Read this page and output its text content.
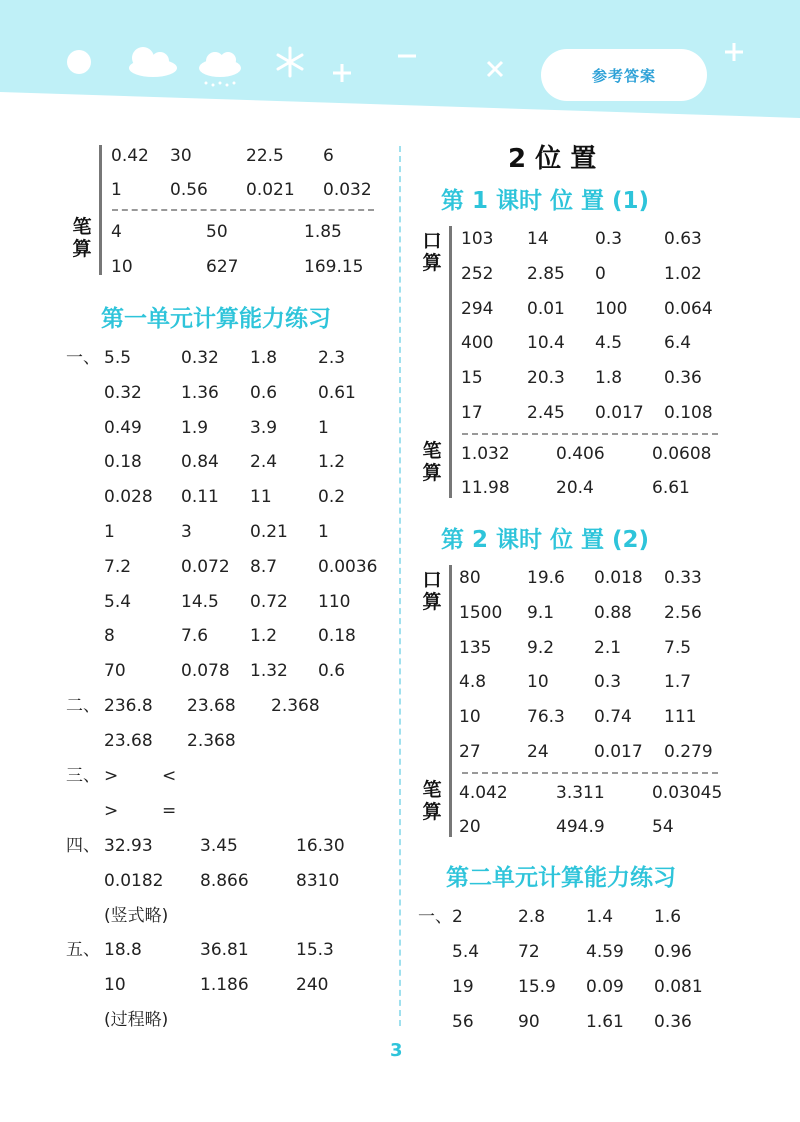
参考答案
笔
算
0.42 30	22.5 6
1	0.56 0.021 0.032
4	50	1.85
10	627	169.15
第一单元计算能力练习
一、 5.5	0.32 1.8 2.3
0.32 1.36 0.6 0.61
0.49 1.9 3.9 1
0.18 0.84 2.4 1.2
0.028 0.11 11	0.2
1	3	0.21 1
7.2	0.072 8.7 0.0036
5.4	14.5 0.72 110
8	7.6 1.2 0.18
70	0.078 1.32 0.6
二、 236.8 23.68 2.368
23.68 2.368
三、 >	<
>	=
四、 32.93	3.45	16.30
0.0182 8.866	8310
(竖式略)
五、 18.8	36.81	15.3
10	1.186	240
(过程略)
2 位 置
第 1 课时 位 置 (1)
口
算
笔
算
103 14	0.3 0.63
252 2.85 0	1.02
294 0.01 100 0.064
400 10.4 4.5 6.4
15	20.3 1.8 0.36
17	2.45 0.017 0.108
1.032	0.406	0.0608
11.98	20.4	6.61
第 2 课时 位 置 (2)
口
算
笔
算
80	19.6 0.018 0.33
1500 9.1 0.88 2.56
135 9.2 2.1	7.5
4.8 10	0.3	1.7
10	76.3 0.74 111
27	24	0.017 0.279
4.042	3.311	0.03045
20	494.9	54
第二单元计算能力练习
一、 2	2.8 1.4 1.6
5.4 72	4.59 0.96
19	15.9 0.09 0.081
56	90	1.61 0.36
3
